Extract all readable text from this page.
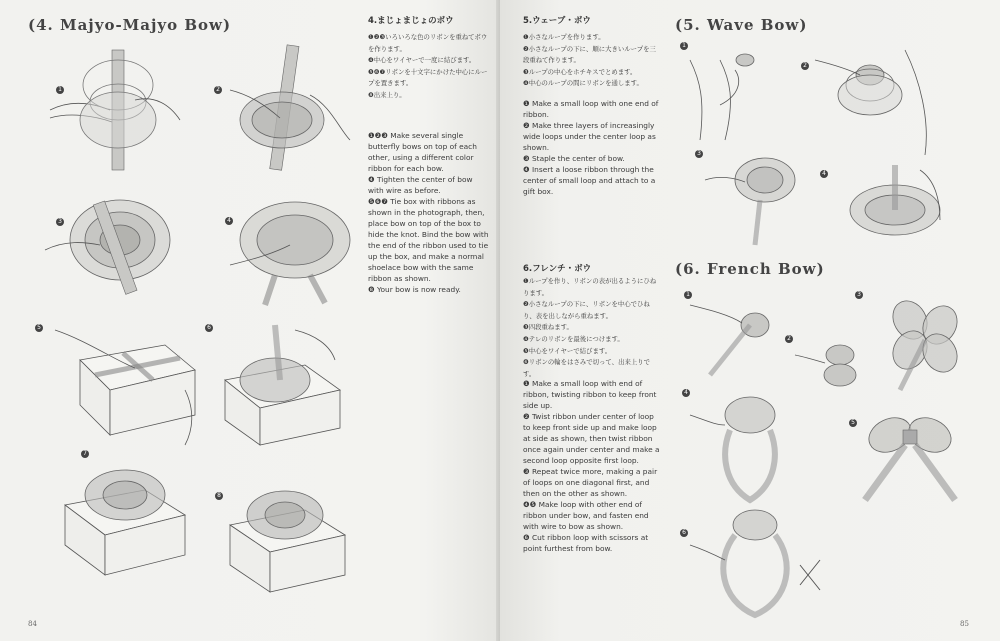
(4. Majyo-Majyo Bow)
1	2
3	4
5	6
7
8
4.まじょまじょのボウ
❶❷❸いろいろな色のリボンを重ねてボウを作ります。
❹中心をワイヤーで一度に結びます。
❺❻❼リボンを十文字にかけた中心にループを置きます。
❽出来上り。
❶❷❸ Make several single butterfly bows on top of each other, using a different color ribbon for each bow.
❹ Tighten the center of bow with wire as before.
❺❻❼ Tie box with ribbons as shown in the photograph, then, place bow on top of the box to hide the knot. Bind the bow with the end of the ribbon used to tie up the box, and make a normal shoelace bow with the same ribbon as shown.
❽ Your bow is now ready.
84
5.ウェーブ・ボウ
❶小さなループを作ります。
❷小さなループの下に、順に大きいループを三段重ねて作ります。
❸ループの中心をホチキスでとめます。
❹中心のループの間にリボンを通します。
❶ Make a small loop with one end of ribbon.
❷ Make three layers of increasingly wide loops under the center loop as shown.
❸ Staple the center of bow.
❹ Insert a loose ribbon through the center of small loop and attach to a gift box.
6.フレンチ・ボウ
❶ループを作り、リボンの表が出るようにひねります。
❷小さなループの下に、リボンを中心でひねり、表を出しながら重ねます。
❸四段重ねます。
❹テレのリボンを最後につけます。
❺中心をワイヤーで結びます。
❻リボンの輪をはさみで切って、出来上りです。
❶ Make a small loop with end of ribbon, twisting ribbon to keep front side up.
❷ Twist ribbon under center of loop to keep front side up and make loop at side as shown, then twist ribbon once again under center and make a second loop opposite first loop.
❸ Repeat twice more, making a pair of loops on one diagonal first, and then on the other as shown.
❹❺ Make loop with other end of ribbon under bow, and fasten end with wire to bow as shown.
❻ Cut ribbon loop with scissors at point furthest from bow.
(5. Wave Bow)
(6. French Bow)
1
2
3
4
1
2
3
4
5
6
85
